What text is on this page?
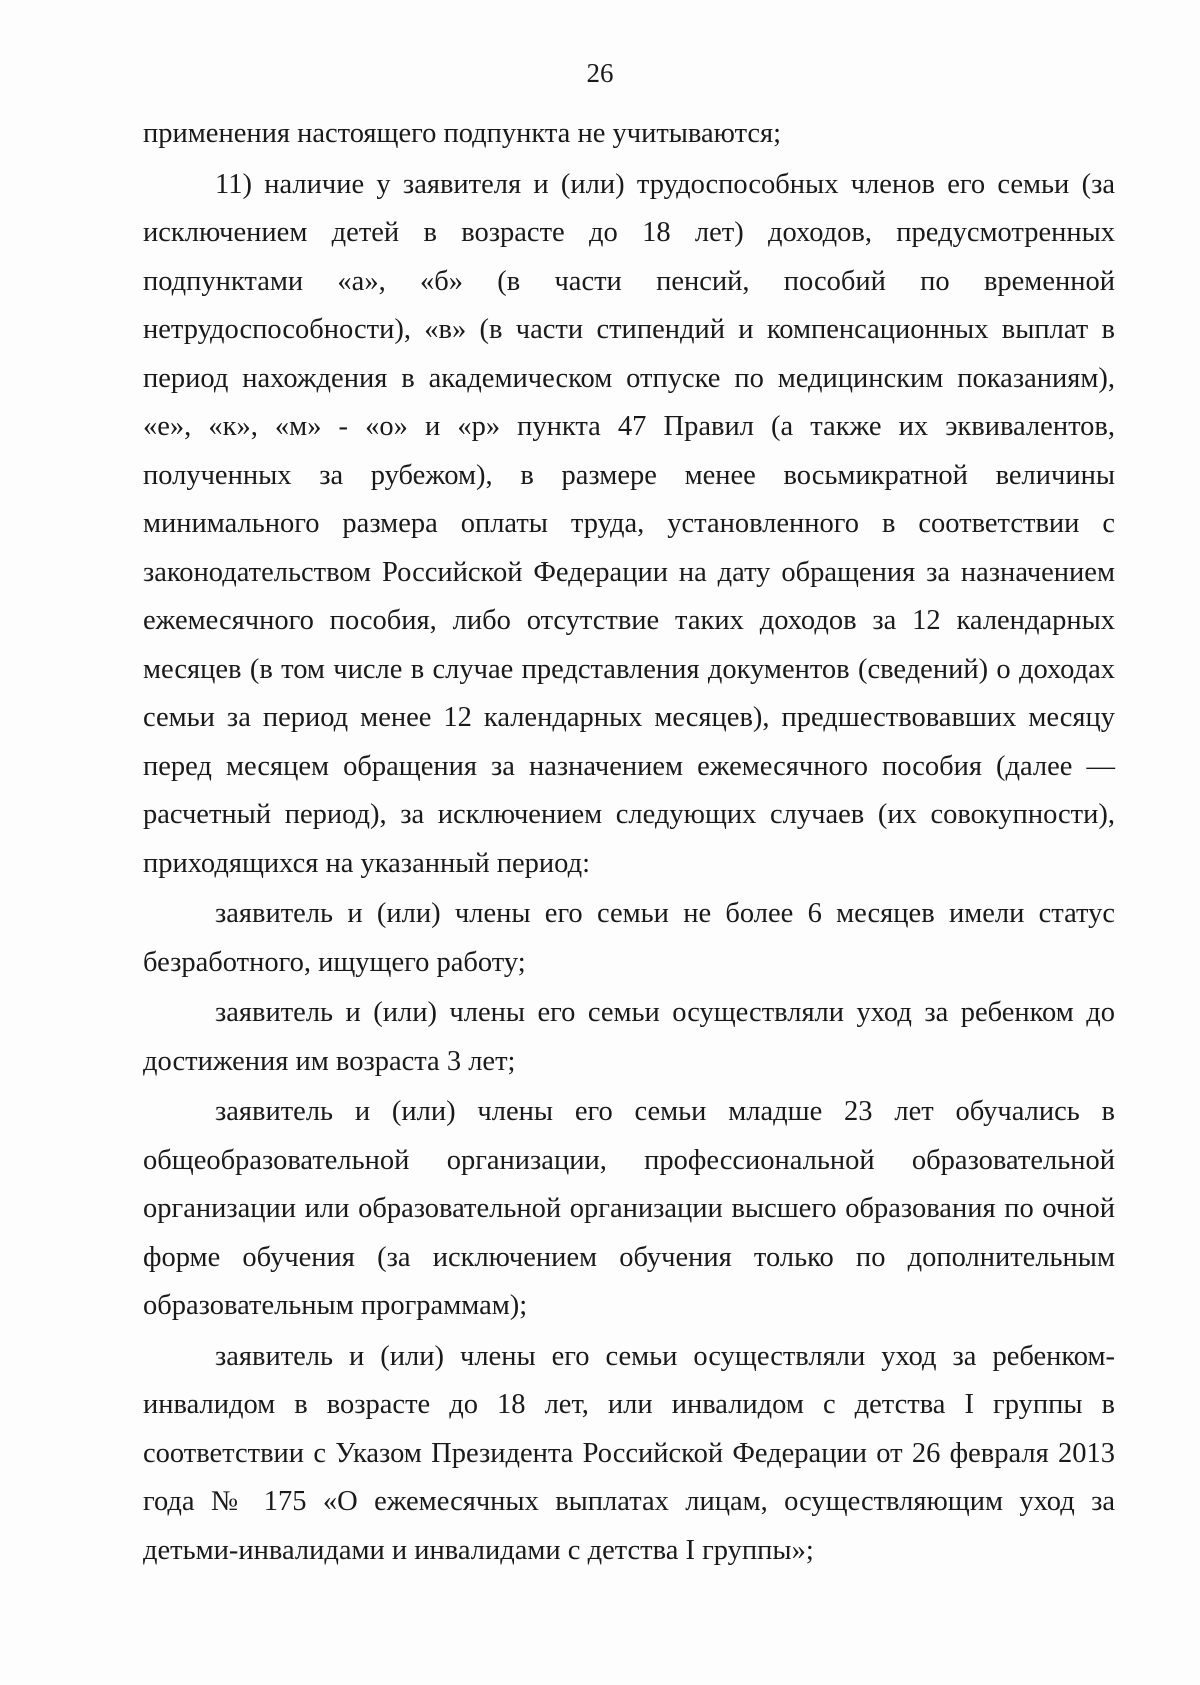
26

применения настоящего подпункта не учитываются;

11) наличие у заявителя и (или) трудоспособных членов его семьи (за исключением детей в возрасте до 18 лет) доходов, предусмотренных подпунктами «а», «б» (в части пенсий, пособий по временной нетрудоспособности), «в» (в части стипендий и компенсационных выплат в период нахождения в академическом отпуске по медицинским показаниям), «е», «к», «м» - «о» и «р» пункта 47 Правил (а также их эквивалентов, полученных за рубежом), в размере менее восьмикратной величины минимального размера оплаты труда, установленного в соответствии с законодательством Российской Федерации на дату обращения за назначением ежемесячного пособия, либо отсутствие таких доходов за 12 календарных месяцев (в том числе в случае представления документов (сведений) о доходах семьи за период менее 12 календарных месяцев), предшествовавших месяцу перед месяцем обращения за назначением ежемесячного пособия (далее — расчетный период), за исключением следующих случаев (их совокупности), приходящихся на указанный период:

заявитель и (или) члены его семьи не более 6 месяцев имели статус безработного, ищущего работу;

заявитель и (или) члены его семьи осуществляли уход за ребенком до достижения им возраста 3 лет;

заявитель и (или) члены его семьи младше 23 лет обучались в общеобразовательной организации, профессиональной образовательной организации или образовательной организации высшего образования по очной форме обучения (за исключением обучения только по дополнительным образовательным программам);

заявитель и (или) члены его семьи осуществляли уход за ребенком-инвалидом в возрасте до 18 лет, или инвалидом с детства I группы в соответствии с Указом Президента Российской Федерации от 26 февраля 2013 года № 175 «О ежемесячных выплатах лицам, осуществляющим уход за детьми-инвалидами и инвалидами с детства I группы»;
